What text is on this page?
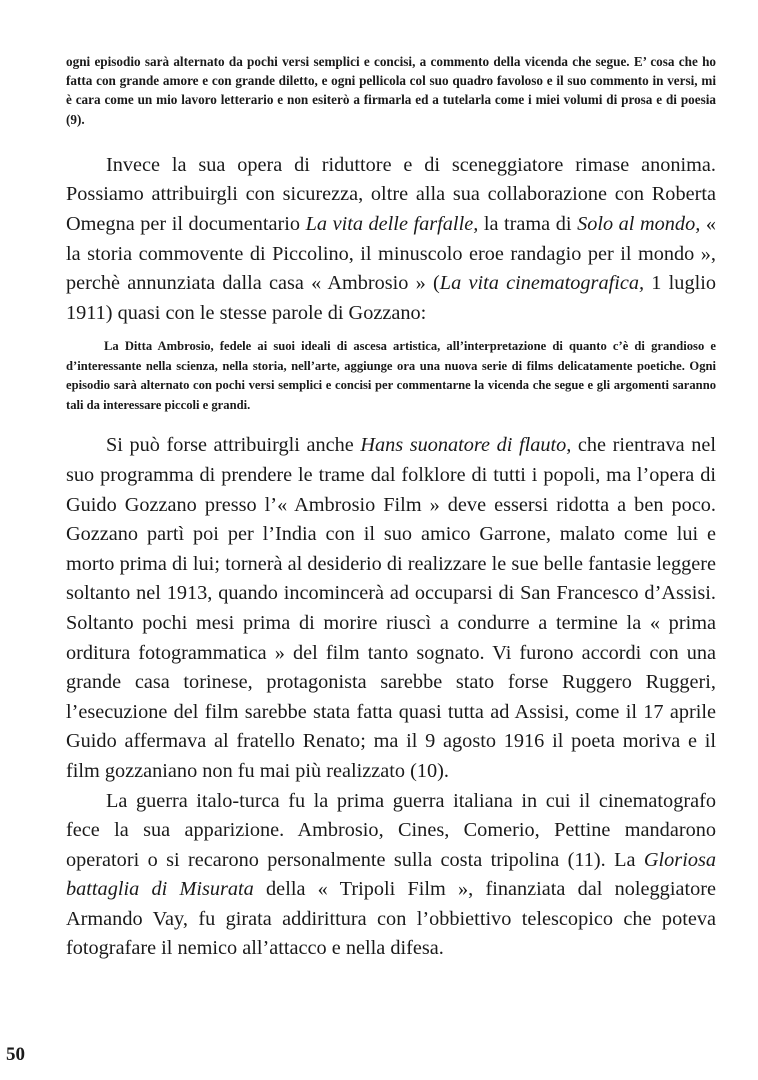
ogni episodio sarà alternato da pochi versi semplici e concisi, a commento della vicenda che segue. E’ cosa che ho fatta con grande amore e con grande diletto, e ogni pellicola col suo quadro favoloso e il suo commento in versi, mi è cara come un mio lavoro letterario e non esiterò a firmarla ed a tutelarla come i miei volumi di prosa e di poesia (9).

Invece la sua opera di riduttore e di sceneggiatore rimase anonima. Possiamo attribuirgli con sicurezza, oltre alla sua collaborazione con Roberta Omegna per il documentario La vita delle farfalle, la trama di Solo al mondo, « la storia commovente di Piccolino, il minuscolo eroe randagio per il mondo », perchè annunziata dalla casa « Ambrosio » (La vita cinematografica, 1 luglio 1911) quasi con le stesse parole di Gozzano:

La Ditta Ambrosio, fedele ai suoi ideali di ascesa artistica, all’interpretazione di quanto c’è di grandioso e d’interessante nella scienza, nella storia, nell’arte, aggiunge ora una nuova serie di films delicatamente poetiche. Ogni episodio sarà alternato con pochi versi semplici e concisi per commentarne la vicenda che segue e gli argomenti saranno tali da interessare piccoli e grandi.

Si può forse attribuirgli anche Hans suonatore di flauto, che rientrava nel suo programma di prendere le trame dal folklore di tutti i popoli, ma l’opera di Guido Gozzano presso l’« Ambrosio Film » deve essersi ridotta a ben poco. Gozzano partì poi per l’India con il suo amico Garrone, malato come lui e morto prima di lui; tornerà al desiderio di realizzare le sue belle fantasie leggere soltanto nel 1913, quando incomincerà ad occuparsi di San Francesco d’Assisi. Soltanto pochi mesi prima di morire riuscì a condurre a termine la « prima orditura fotogrammatica » del film tanto sognato. Vi furono accordi con una grande casa torinese, protagonista sarebbe stato forse Ruggero Ruggeri, l’esecuzione del film sarebbe stata fatta quasi tutta ad Assisi, come il 17 aprile Guido affermava al fratello Renato; ma il 9 agosto 1916 il poeta moriva e il film gozzaniano non fu mai più realizzato (10).

La guerra italo-turca fu la prima guerra italiana in cui il cinematografo fece la sua apparizione. Ambrosio, Cines, Comerio, Pettine mandarono operatori o si recarono personalmente sulla costa tripolina (11). La Gloriosa battaglia di Misurata della « Tripoli Film », finanziata dal noleggiatore Armando Vay, fu girata addirittura con l’obbiettivo telescopico che poteva fotografare il nemico all’attacco e nella difesa.

50
